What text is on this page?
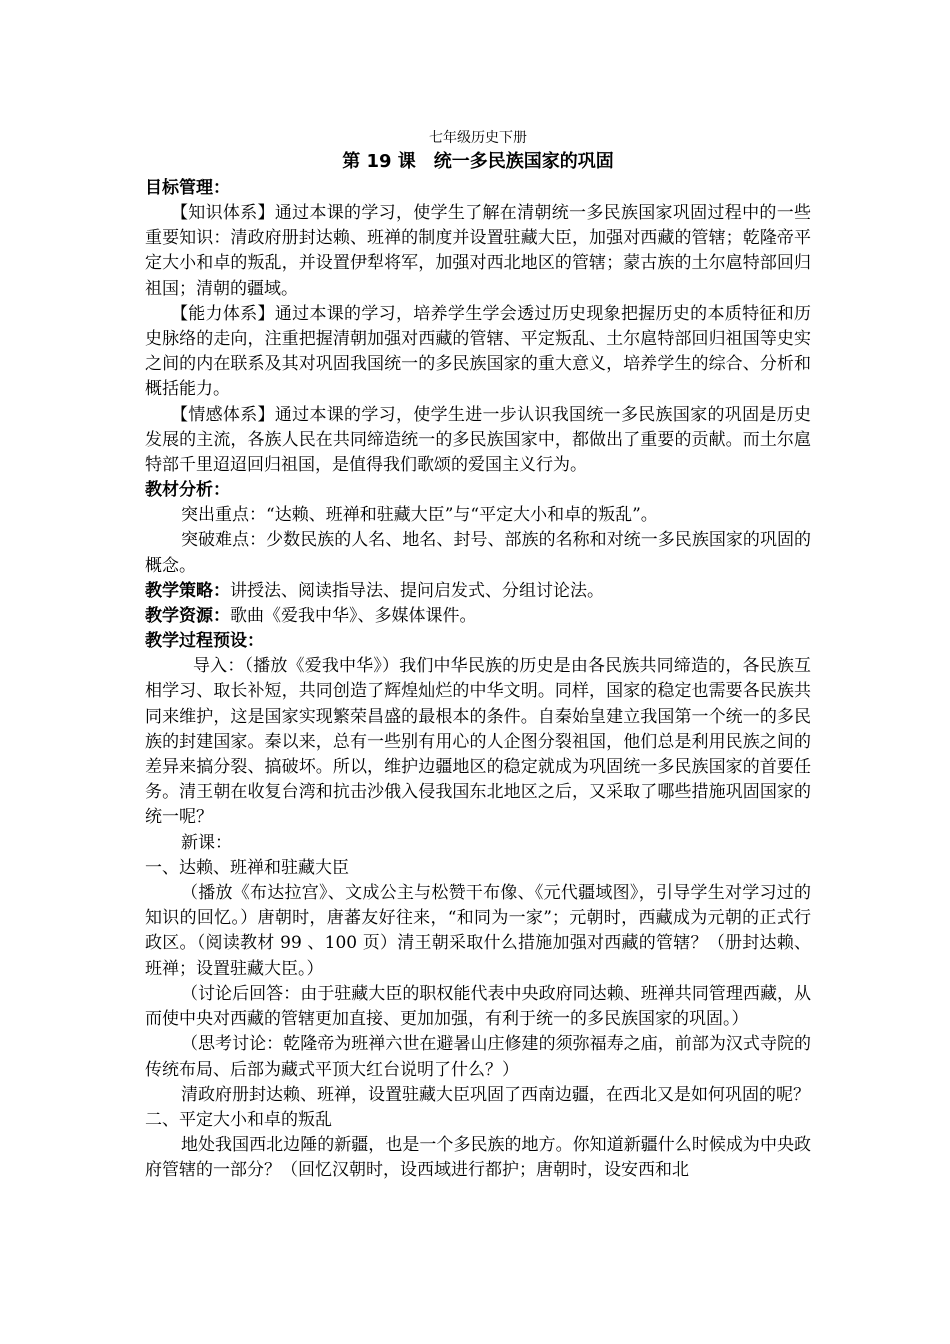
七年级历史下册

第 19 课　统一多民族国家的巩固

目标管理：

【知识体系】通过本课的学习，使学生了解在清朝统一多民族国家巩固过程中的一些重要知识：清政府册封达赖、班禅的制度并设置驻藏大臣，加强对西藏的管辖；乾隆帝平定大小和卓的叛乱，并设置伊犁将军，加强对西北地区的管辖；蒙古族的土尔扈特部回归祖国；清朝的疆域。

【能力体系】通过本课的学习，培养学生学会透过历史现象把握历史的本质特征和历史脉络的走向，注重把握清朝加强对西藏的管辖、平定叛乱、土尔扈特部回归祖国等史实之间的内在联系及其对巩固我国统一的多民族国家的重大意义，培养学生的综合、分析和概括能力。

【情感体系】通过本课的学习，使学生进一步认识我国统一多民族国家的巩固是历史发展的主流，各族人民在共同缔造统一的多民族国家中，都做出了重要的贡献。而土尔扈特部千里迢迢回归祖国，是值得我们歌颂的爱国主义行为。

教材分析：

突出重点：“达赖、班禅和驻藏大臣”与“平定大小和卓的叛乱”。

突破难点：少数民族的人名、地名、封号、部族的名称和对统一多民族国家的巩固的概念。

教学策略：讲授法、阅读指导法、提问启发式、分组讨论法。

教学资源：歌曲《爱我中华》、多媒体课件。

教学过程预设：

导入：（播放《爱我中华》）我们中华民族的历史是由各民族共同缔造的，各民族互相学习、取长补短，共同创造了辉煌灿烂的中华文明。同样，国家的稳定也需要各民族共同来维护，这是国家实现繁荣昌盛的最根本的条件。自秦始皇建立我国第一个统一的多民族的封建国家。秦以来，总有一些别有用心的人企图分裂祖国，他们总是利用民族之间的差异来搞分裂、搞破坏。所以，维护边疆地区的稳定就成为巩固统一多民族国家的首要任务。清王朝在收复台湾和抗击沙俄入侵我国东北地区之后，又采取了哪些措施巩固国家的统一呢？

新课：

一、达赖、班禅和驻藏大臣

（播放《布达拉宫》、文成公主与松赞干布像、《元代疆域图》，引导学生对学习过的知识的回忆。）唐朝时，唐蕃友好往来，“和同为一家”；元朝时，西藏成为元朝的正式行政区。（阅读教材 99 、100 页）清王朝采取什么措施加强对西藏的管辖？（册封达赖、班禅；设置驻藏大臣。）

（讨论后回答：由于驻藏大臣的职权能代表中央政府同达赖、班禅共同管理西藏，从而使中央对西藏的管辖更加直接、更加加强，有利于统一的多民族国家的巩固。）

（思考讨论：乾隆帝为班禅六世在避暑山庄修建的须弥福寿之庙，前部为汉式寺院的传统布局、后部为藏式平顶大红台说明了什么？）

清政府册封达赖、班禅，设置驻藏大臣巩固了西南边疆，在西北又是如何巩固的呢？

二、平定大小和卓的叛乱

地处我国西北边陲的新疆，也是一个多民族的地方。你知道新疆什么时候成为中央政府管辖的一部分？（回忆汉朝时，设西域进行都护；唐朝时，设安西和北
